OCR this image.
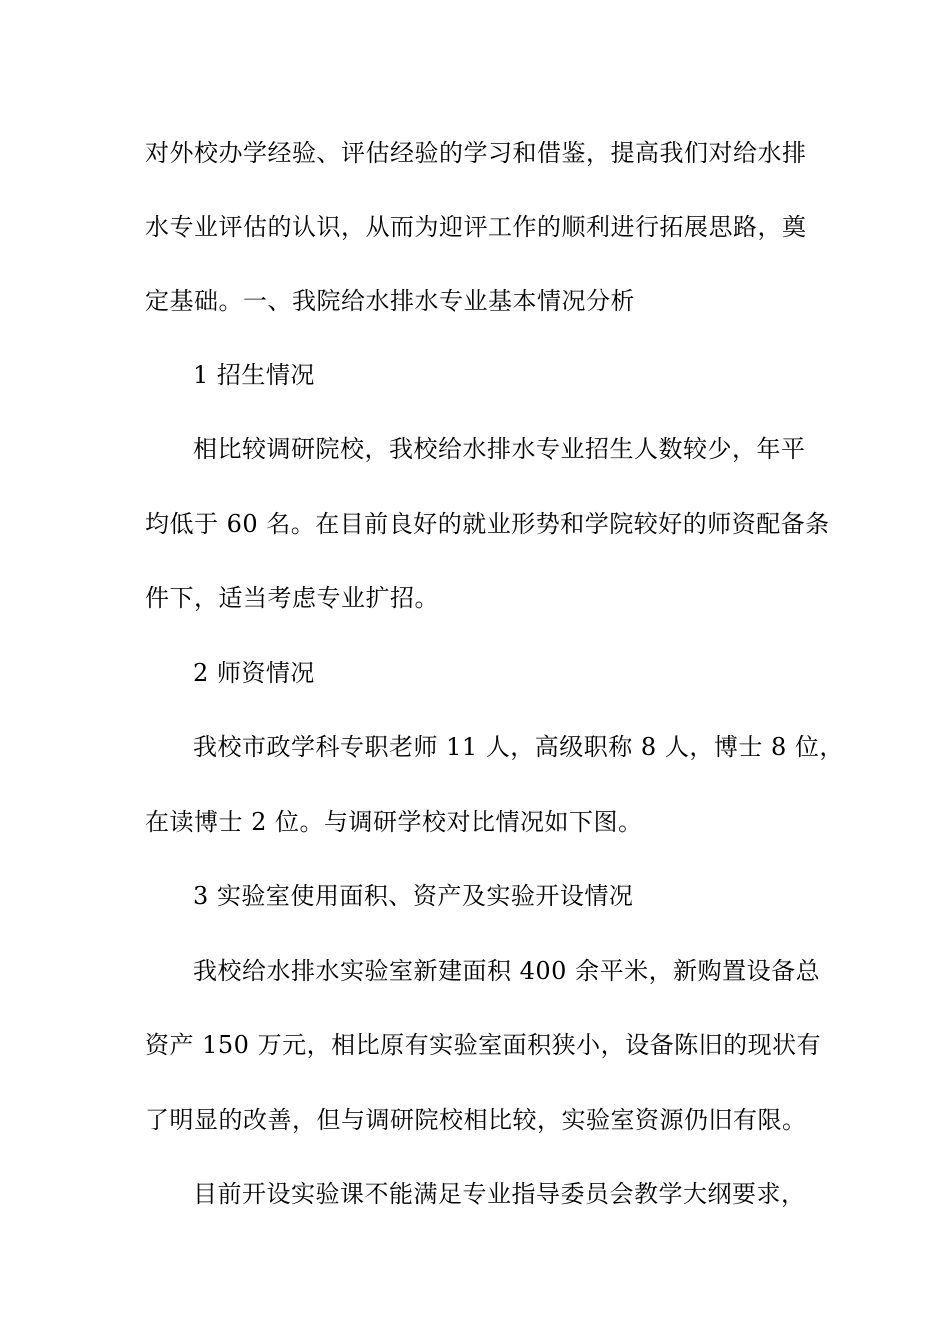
对外校办学经验、评估经验的学习和借鉴，提高我们对给水排
水专业评估的认识，从而为迎评工作的顺利进行拓展思路，奠
定基础。一、我院给水排水专业基本情况分析
1 招生情况
相比较调研院校，我校给水排水专业招生人数较少，年平
均低于 60 名。在目前良好的就业形势和学院较好的师资配备条
件下，适当考虑专业扩招。
2 师资情况
我校市政学科专职老师 11 人，高级职称 8 人，博士 8 位，
在读博士 2 位。与调研学校对比情况如下图。
3 实验室使用面积、资产及实验开设情况
我校给水排水实验室新建面积 400 余平米，新购置设备总
资产 150 万元，相比原有实验室面积狭小，设备陈旧的现状有
了明显的改善，但与调研院校相比较，实验室资源仍旧有限。
目前开设实验课不能满足专业指导委员会教学大纲要求，
